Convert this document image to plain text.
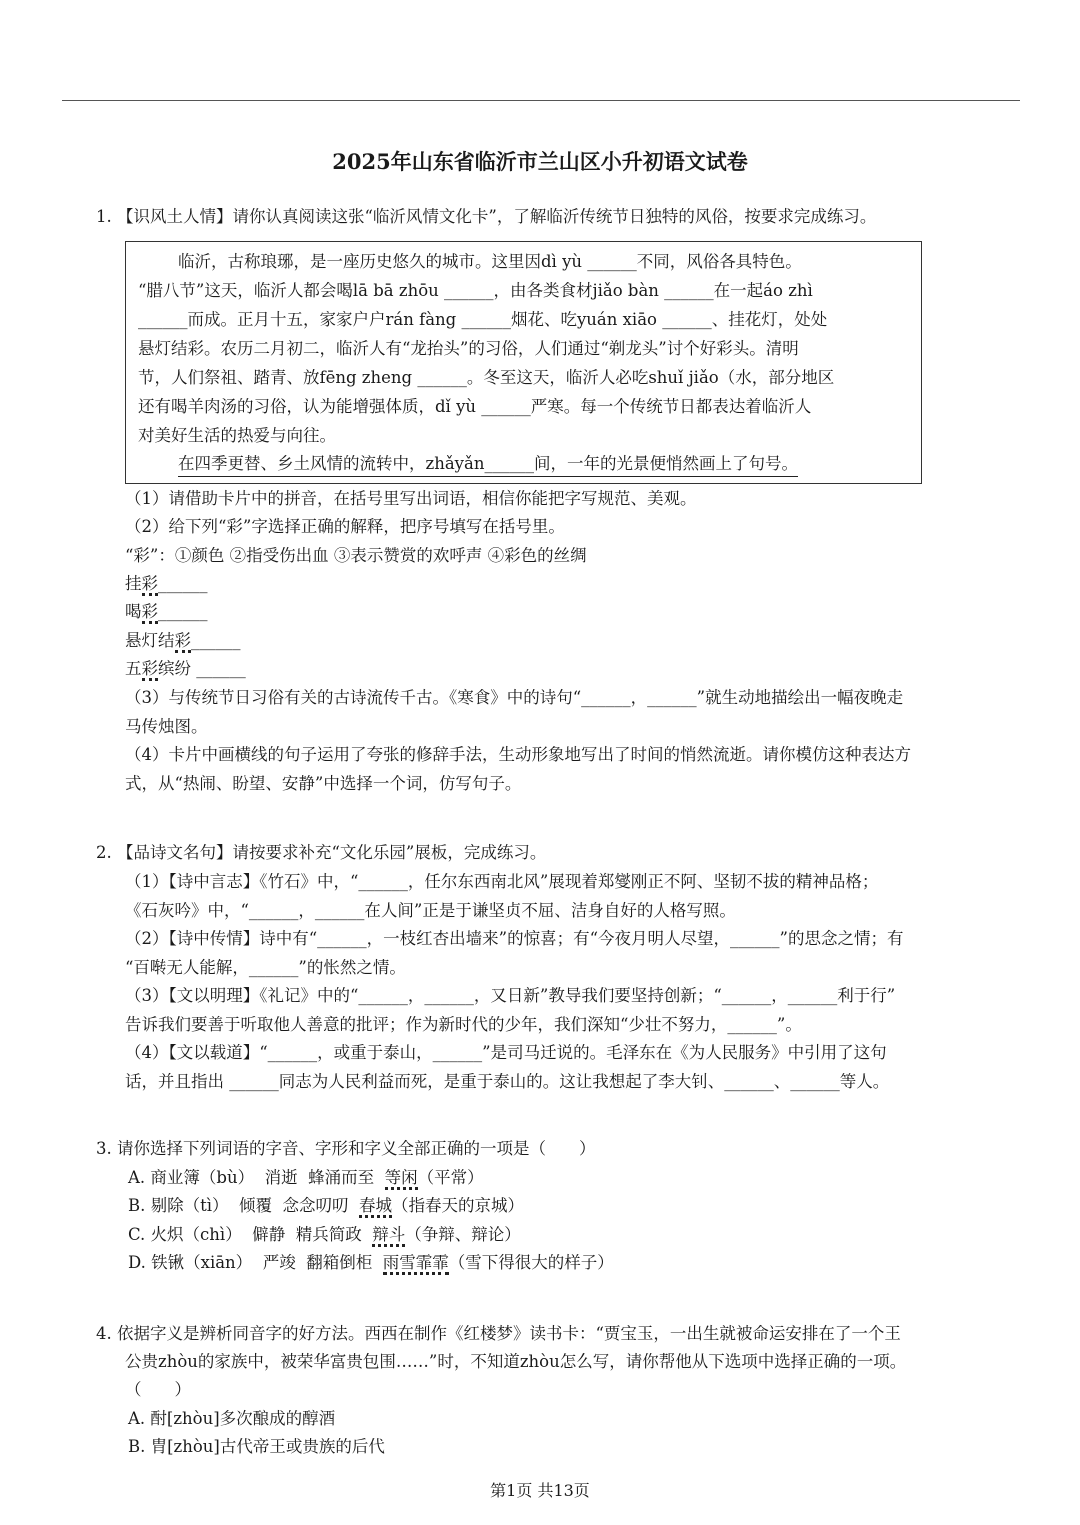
2025年山东省临沂市兰山区小升初语文试卷
1. 【识风土人情】请你认真阅读这张“临沂风情文化卡”，了解临沂传统节日独特的风俗，按要求完成练习。
临沂，古称琅琊，是一座历史悠久的城市。这里因dì yù ______不同，风俗各具特色。
“腊八节”这天，临沂人都会喝lā bā zhōu ______，由各类食材jiǎo bàn ______在一起áo zhì
______而成。正月十五，家家户户rán fàng ______烟花、吃yuán xiāo ______、挂花灯，处处
悬灯结彩。农历二月初二，临沂人有“龙抬头”的习俗，人们通过“剃龙头”讨个好彩头。清明
节，人们祭祖、踏青、放fēng zheng ______。冬至这天，临沂人必吃shuǐ jiǎo（水，部分地区
还有喝羊肉汤的习俗，认为能增强体质，dǐ yù ______严寒。每一个传统节日都表达着临沂人
对美好生活的热爱与向往。
在四季更替、乡土风情的流转中，zhǎyǎn______间，一年的光景便悄然画上了句号。
（1）请借助卡片中的拼音，在括号里写出词语，相信你能把字写规范、美观。
（2）给下列“彩”字选择正确的解释，把序号填写在括号里。
“彩”：①颜色 ②指受伤出血 ③表示赞赏的欢呼声 ④彩色的丝绸
挂彩______
喝彩______
悬灯结彩______
五彩缤纷 ______
（3）与传统节日习俗有关的古诗流传千古。《寒食》中的诗句“______，______”就生动地描绘出一幅夜晚走
马传烛图。
（4）卡片中画横线的句子运用了夸张的修辞手法，生动形象地写出了时间的悄然流逝。请你模仿这种表达方
式，从“热闹、盼望、安静”中选择一个词，仿写句子。
2. 【品诗文名句】请按要求补充“文化乐园”展板，完成练习。
（1）【诗中言志】《竹石》中，“______，任尔东西南北风”展现着郑燮刚正不阿、坚韧不拔的精神品格；
《石灰吟》中，“______，______在人间”正是于谦坚贞不屈、洁身自好的人格写照。
（2）【诗中传情】诗中有“______，一枝红杏出墙来”的惊喜；有“今夜月明人尽望，______”的思念之情；有
“百啭无人能解，______”的怅然之情。
（3）【文以明理】《礼记》中的“______，______，又日新”教导我们要坚持创新；“______，______利于行”
告诉我们要善于听取他人善意的批评；作为新时代的少年，我们深知“少壮不努力，______”。
（4）【文以载道】“______，或重于泰山，______”是司马迁说的。毛泽东在《为人民服务》中引用了这句
话，并且指出 ______同志为人民利益而死，是重于泰山的。这让我想起了李大钊、______、______等人。
3. 请你选择下列词语的字音、字形和字义全部正确的一项是（　　）
A. 商业簿（bù） 消逝 蜂涌而至 等闲（平常）
B. 剔除（tì） 倾覆 念念叨叨 春城（指春天的京城）
C. 火炽（chì） 僻静 精兵简政 辩斗（争辩、辩论）
D. 铁锹（xiān） 严竣 翻箱倒柜 雨雪霏霏（雪下得很大的样子）
4. 依据字义是辨析同音字的好方法。西西在制作《红楼梦》读书卡：“贾宝玉，一出生就被命运安排在了一个王
公贵zhòu的家族中，被荣华富贵包围……”时，不知道zhòu怎么写，请你帮他从下选项中选择正确的一项。
（　　）
A. 酎[zhòu]多次酿成的醇酒
B. 胄[zhòu]古代帝王或贵族的后代
第1页 共13页
